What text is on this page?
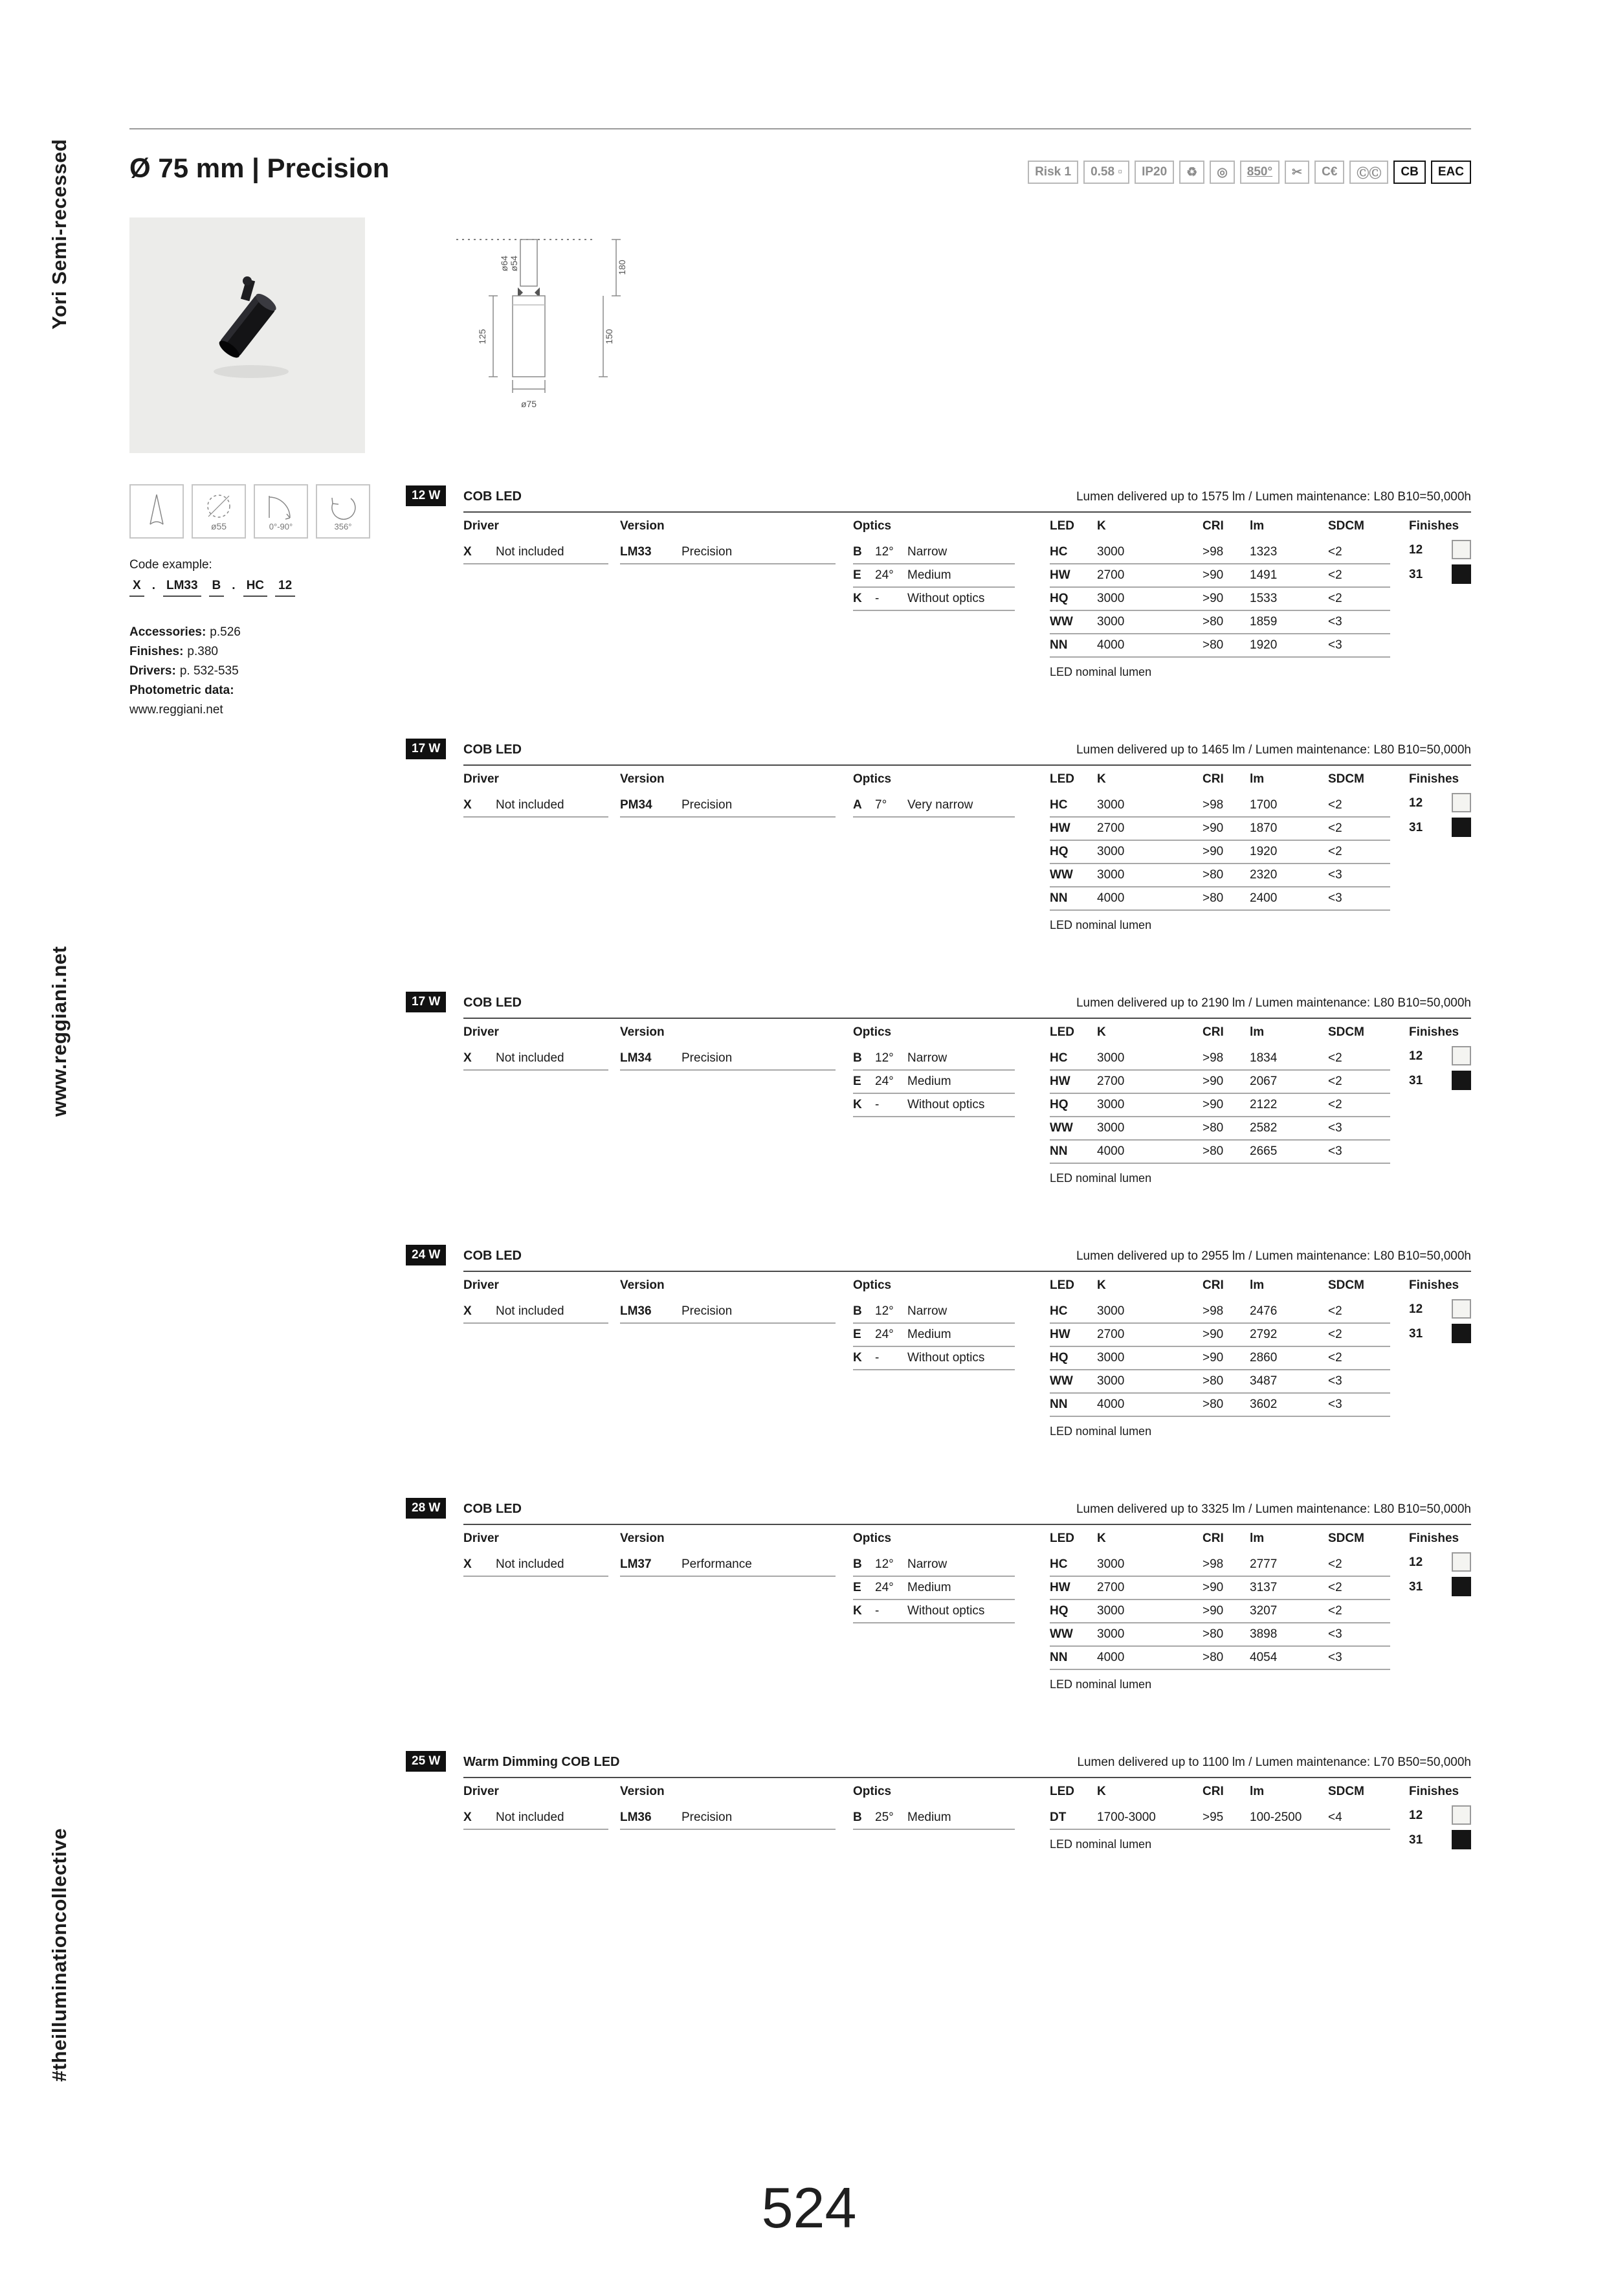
Yori Semi-recessed
www.reggiani.net
#theilluminationcollective
Ø 75 mm | Precision	Risk 1	0.58 ▫	IP20	♻	◎	850°	✂	C€	ⒸⒸ	CB	EAC
ø64 ø54	180
150
125
ø75
ø55	0°-90°	356°
Code example:
X . LM33 B . HC 12
Accessories: p.526
Finishes: p.380
Drivers: p. 532-535
Photometric data:
www.reggiani.net
12 W	COB LED	Lumen delivered up to 1575 lm / Lumen maintenance: L80 B10=50,000h
Driver	Version	Optics	LED K	CRI lm	SDCM	Finishes
X Not included	LM33 Precision	B 12° Narrow
E 24° Medium
K - Without optics
HC 3000	>98 1323	<2
HW 2700	>90 1491	<2
HQ 3000	>90 1533	<2
WW 3000	>80 1859	<3
NN 4000	>80 1920	<3
LED nominal lumen
12
31
17 W	COB LED	Lumen delivered up to 1465 lm / Lumen maintenance: L80 B10=50,000h
Driver	Version	Optics	LED K	CRI lm	SDCM	Finishes
X Not included	PM34 Precision	A 7° Very narrow	HC 3000	>98 1700	<2
HW 2700	>90 1870	<2
HQ 3000	>90 1920	<2
WW 3000	>80 2320	<3
NN 4000	>80 2400	<3
LED nominal lumen
12
31
17 W	COB LED	Lumen delivered up to 2190 lm / Lumen maintenance: L80 B10=50,000h
Driver	Version	Optics	LED K	CRI lm	SDCM	Finishes
X Not included	LM34 Precision	B 12° Narrow
E 24° Medium
K - Without optics
HC 3000	>98 1834	<2
HW 2700	>90 2067	<2
HQ 3000	>90 2122	<2
WW 3000	>80 2582	<3
NN 4000	>80 2665	<3
LED nominal lumen
12
31
24 W	COB LED	Lumen delivered up to 2955 lm / Lumen maintenance: L80 B10=50,000h
Driver	Version	Optics	LED K	CRI lm	SDCM	Finishes
X Not included	LM36 Precision	B 12° Narrow
E 24° Medium
K - Without optics
HC 3000	>98 2476	<2
HW 2700	>90 2792	<2
HQ 3000	>90 2860	<2
WW 3000	>80 3487	<3
NN 4000	>80 3602	<3
LED nominal lumen
12
31
28 W	COB LED	Lumen delivered up to 3325 lm / Lumen maintenance: L80 B10=50,000h
Driver	Version	Optics	LED K	CRI lm	SDCM	Finishes
X Not included	LM37 Performance	B 12° Narrow
E 24° Medium
K - Without optics
HC 3000	>98 2777	<2
HW 2700	>90 3137	<2
HQ 3000	>90 3207	<2
WW 3000	>80 3898	<3
NN 4000	>80 4054	<3
LED nominal lumen
12
31
25 W	Warm Dimming COB LED	Lumen delivered up to 1100 lm / Lumen maintenance: L70 B50=50,000h
Driver	Version	Optics	LED K	CRI lm	SDCM	Finishes
X Not included	LM36 Precision	B 25° Medium	DT	1700-3000	>95 100-2500 <4
LED nominal lumen
12
31
524
